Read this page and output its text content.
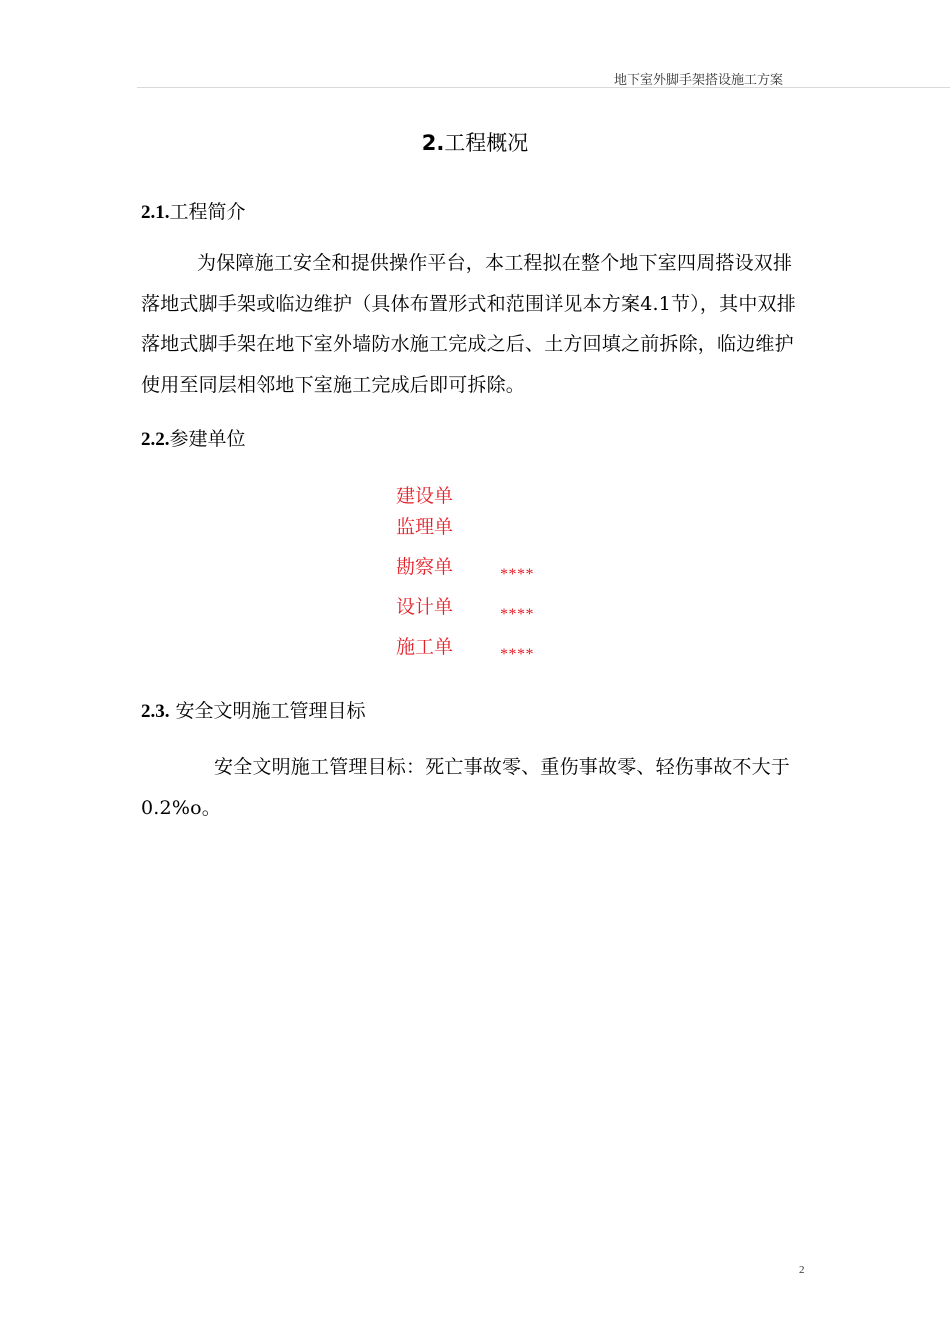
地下室外脚手架搭设施工方案
2.工程概况
2.1.工程简介

为保障施工安全和提供操作平台，本工程拟在整个地下室四周搭设双排落地式脚手架或临边维护（具体布置形式和范围详见本方案4.1节），其中双排落地式脚手架在地下室外墙防水施工完成之后、土方回填之前拆除，临边维护使用至同层相邻地下室施工完成后即可拆除。

2.2.参建单位
建设单
监理单
勘察单	****
设计单	****
施工单	****
2.3. 安全文明施工管理目标

安全文明施工管理目标：死亡事故零、重伤事故零、轻伤事故不大于0.2%o。

2
